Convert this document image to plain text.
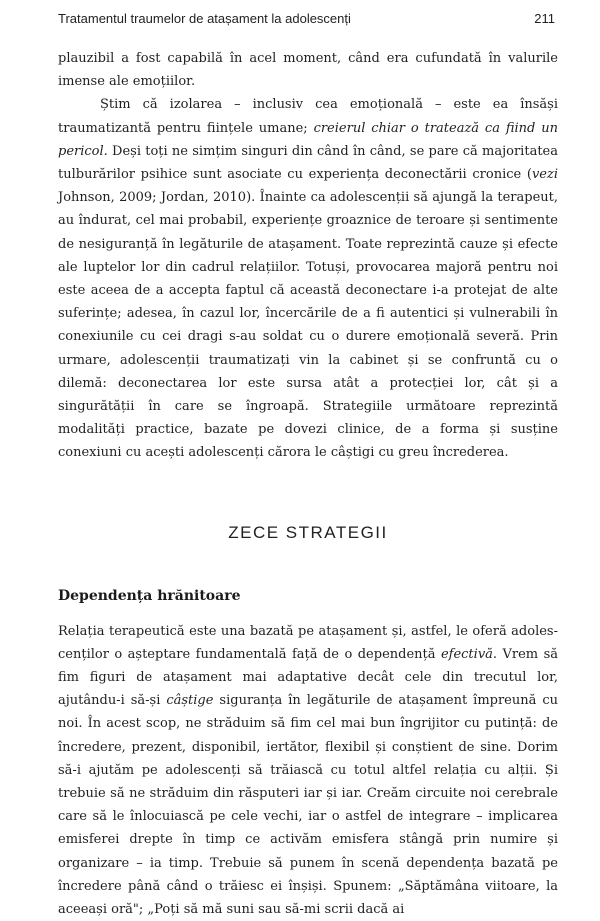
Tratamentul traumelor de atașament la adolescenți	211

plauzibil a fost capabilă în acel moment, când era cufundată în valurile imense ale emoțiilor.

Știm că izolarea – inclusiv cea emoțională – este ea însăși traumatizantă pentru ființele umane; creierul chiar o tratează ca fiind un pericol. Deși toți ne simțim singuri din când în când, se pare că majoritatea tulburărilor psihice sunt asociate cu experiența deconectării cronice (vezi Johnson, 2009; Jordan, 2010). Înainte ca adolescenții să ajungă la terapeut, au îndurat, cel mai probabil, experiențe groaznice de teroare și sentimente de nesiguranță în legăturile de atașament. Toate reprezintă cauze și efecte ale luptelor lor din cadrul relațiilor. Totuși, provocarea majoră pentru noi este aceea de a accepta faptul că această deconectare i-a protejat de alte suferințe; adesea, în cazul lor, încercările de a fi autentici și vulnerabili în conexiunile cu cei dragi s-au soldat cu o durere emoțională severă. Prin urmare, adolescenții traumatizați vin la cabinet și se confruntă cu o dilemă: deconectarea lor este sursa atât a protecției lor, cât și a singurătății în care se îngroapă. Strategiile următoare reprezintă modalități practice, bazate pe dovezi clinice, de a forma și susține conexiuni cu acești adolescenți cărora le câștigi cu greu încrederea.

ZECE STRATEGII
Dependența hrănitoare

Relația terapeutică este una bazată pe atașament și, astfel, le oferă adolescenților o așteptare fundamentală față de o dependență efectivă. Vrem să fim figuri de atașament mai adaptative decât cele din trecutul lor, ajutându-i să-și câștige siguranța în legăturile de atașament împreună cu noi. În acest scop, ne străduim să fim cel mai bun îngrijitor cu putință: de încredere, prezent, disponibil, iertător, flexibil și conștient de sine. Dorim să-i ajutăm pe adolescenți să trăiască cu totul altfel relația cu alții. Și trebuie să ne străduim din răsputeri iar și iar. Creăm circuite noi cerebrale care să le înlocuiască pe cele vechi, iar o astfel de integrare – implicarea emisferei drepte în timp ce activăm emisfera stângă prin numire și organizare – ia timp. Trebuie să punem în scenă dependența bazată pe încredere până când o trăiesc ei înșiși. Spunem: „Săptămâna viitoare, la aceeași oră"; „Poți să mă suni sau să-mi scrii dacă ai
